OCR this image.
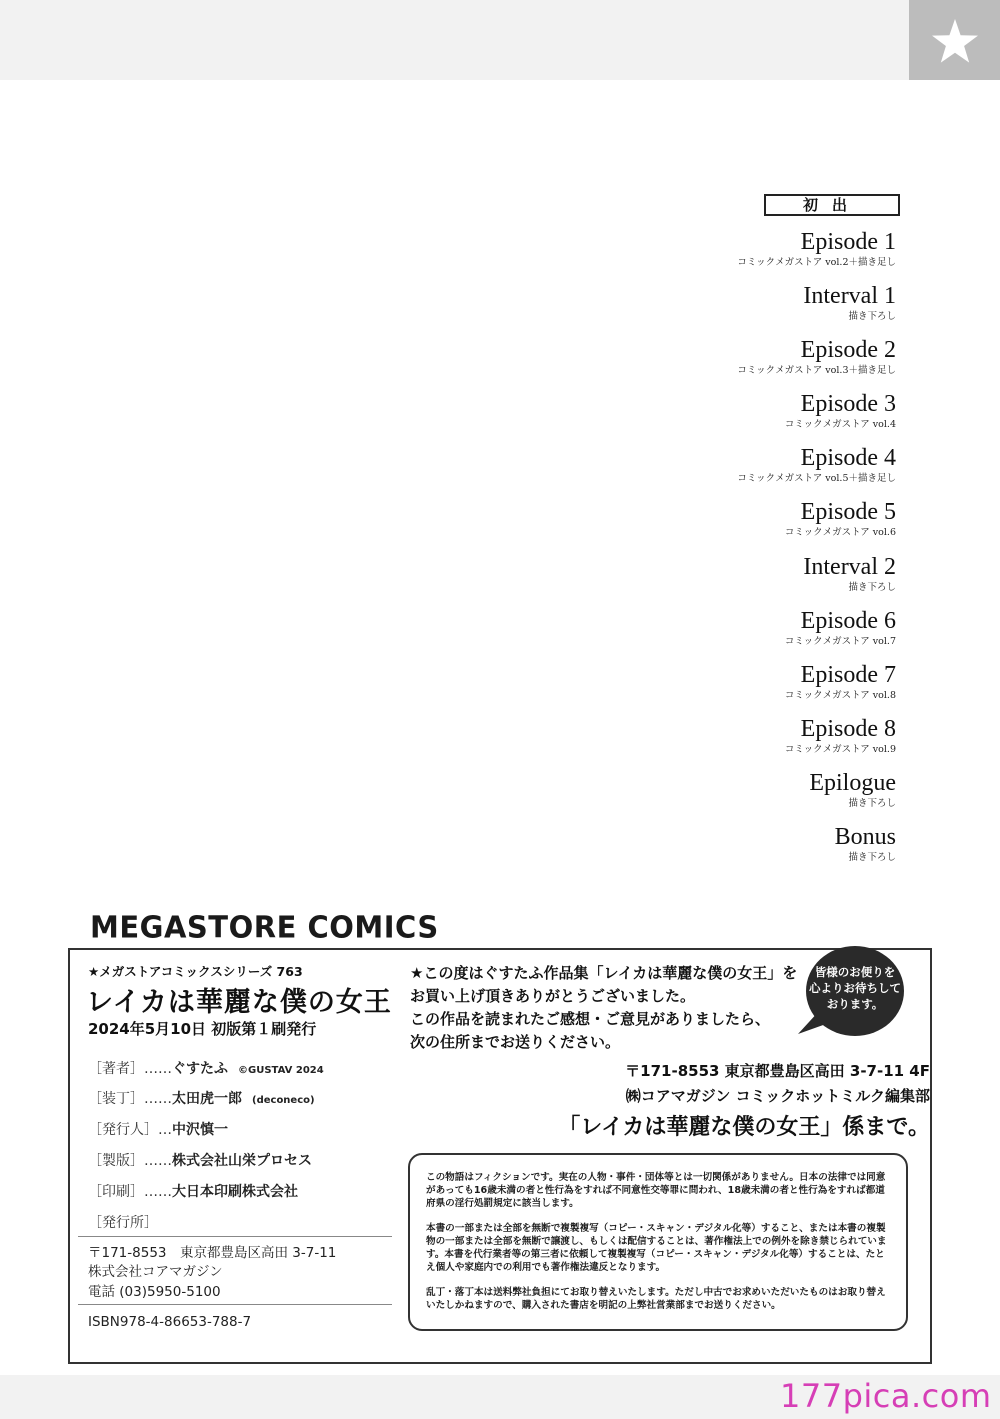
初出
Episode 1
コミックメガストア vol.2＋描き足し
Interval 1
描き下ろし
Episode 2
コミックメガストア vol.3＋描き足し
Episode 3
コミックメガストア vol.4
Episode 4
コミックメガストア vol.5＋描き足し
Episode 5
コミックメガストア vol.6
Interval 2
描き下ろし
Episode 6
コミックメガストア vol.7
Episode 7
コミックメガストア vol.8
Episode 8
コミックメガストア vol.9
Epilogue
描き下ろし
Bonus
描き下ろし
MEGASTORE COMICS
★メガストアコミックスシリーズ 763
レイカは華麗な僕の女王
2024年5月10日 初版第１刷発行
［著者］……ぐすたふ ©GUSTAV 2024
［装丁］……太田虎一郎 (deconeco)
［発行人］…中沢慎一
［製版］……株式会社山栄プロセス
［印刷］……大日本印刷株式会社
［発行所］
〒171-8553　東京都豊島区高田 3-7-11
株式会社コアマガジン
電話 (03)5950-5100
ISBN978-4-86653-788-7
★この度はぐすたふ作品集「レイカは華麗な僕の女王」を
お買い上げ頂きありがとうございました。
この作品を読まれたご感想・ご意見がありましたら、
次の住所までお送りください。
皆様のお便りを
心よりお待ちして
おります。
〒171-8553 東京都豊島区高田 3-7-11 4F
㈱コアマガジン コミックホットミルク編集部
「レイカは華麗な僕の女王」係まで。

この物語はフィクションです。実在の人物・事件・団体等とは一切関係がありません。日本の法律では同意があっても16歳未満の者と性行為をすれば不同意性交等罪に問われ、18歳未満の者と性行為をすれば都道府県の淫行処罰規定に該当します。

本書の一部または全部を無断で複製複写（コピー・スキャン・デジタル化等）すること、または本書の複製物の一部または全部を無断で譲渡し、もしくは配信することは、著作権法上での例外を除き禁じられています。本書を代行業者等の第三者に依頼して複製複写（コピー・スキャン・デジタル化等）することは、たとえ個人や家庭内での利用でも著作権法違反となります。

乱丁・落丁本は送料弊社負担にてお取り替えいたします。ただし中古でお求めいただいたものはお取り替えいたしかねますので、購入された書店を明記の上弊社営業部までお送りください。

177pica.com
